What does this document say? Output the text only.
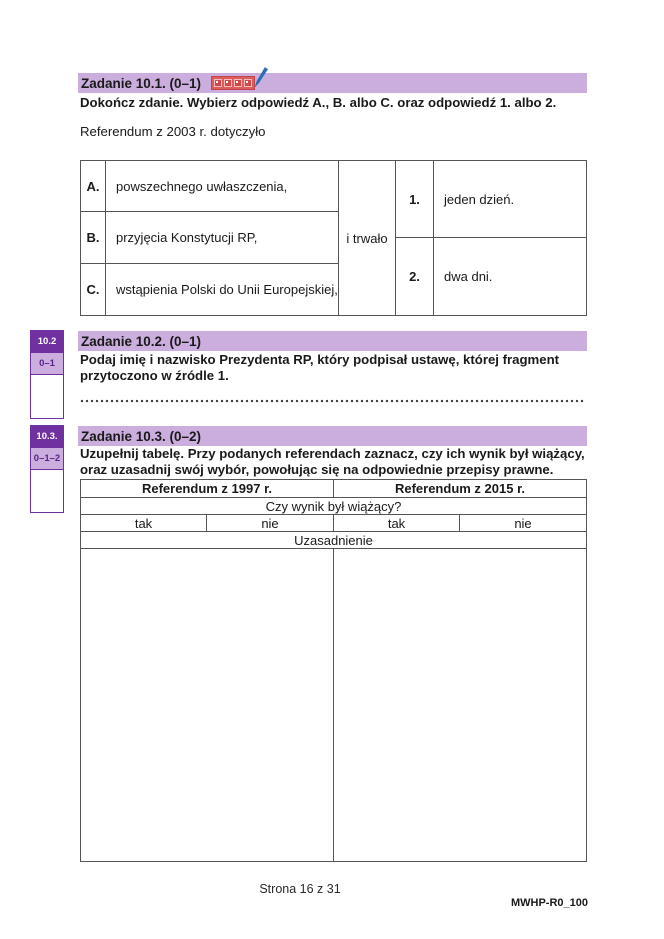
Zadanie 10.1. (0–1)
Dokończ zdanie. Wybierz odpowiedź A., B. albo C. oraz odpowiedź 1. albo 2.
Referendum z 2003 r. dotyczyło
A.	powszechnego uwłaszczenia,
B.	przyjęcia Konstytucji RP,
C.	wstąpienia Polski do Unii Europejskiej,
i trwało
1.	jeden dzień.
2.	dwa dni.
10.2
0–1
Zadanie 10.2. (0–1)
Podaj imię i nazwisko Prezydenta RP, który podpisał ustawę, której fragment przytoczono w źródle 1.
10.3.
0–1–2
Zadanie 10.3. (0–2)
Uzupełnij tabelę. Przy podanych referendach zaznacz, czy ich wynik był wiążący, oraz uzasadnij swój wybór, powołując się na odpowiednie przepisy prawne.
Referendum z 1997 r.	Referendum z 2015 r.
Czy wynik był wiążący?
tak	nie	tak	nie
Uzasadnienie
Strona 16 z 31
MWHP-R0_100
